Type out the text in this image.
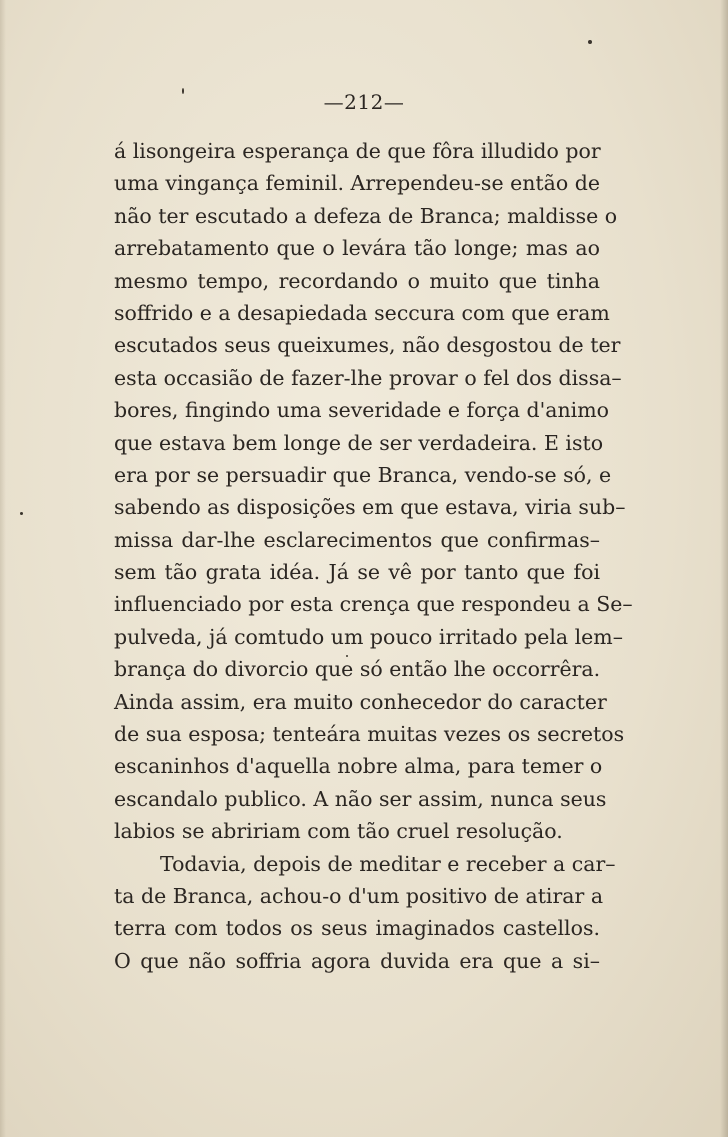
—212—
á lisongeira esperança de que fôra illudido por
uma vingança feminil. Arrependeu-se então de
não ter escutado a defeza de Branca; maldisse o
arrebatamento que o levára tão longe; mas ao
mesmo tempo, recordando o muito que tinha
soffrido e a desapiedada seccura com que eram
escutados seus queixumes, não desgostou de ter
esta occasião de fazer-lhe provar o fel dos dissa–
bores, fingindo uma severidade e força d'animo
que estava bem longe de ser verdadeira. E isto
era por se persuadir que Branca, vendo-se só, e
sabendo as disposições em que estava, viria sub–
missa dar-lhe esclarecimentos que confirmas–
sem tão grata idéa. Já se vê por tanto que foi
influenciado por esta crença que respondeu a Se–
pulveda, já comtudo um pouco irritado pela lem–
brança do divorcio que só então lhe occorrêra.
Ainda assim, era muito conhecedor do caracter
de sua esposa; tenteára muitas vezes os secretos
escaninhos d'aquella nobre alma, para temer o
escandalo publico. A não ser assim, nunca seus
labios se abririam com tão cruel resolução.
Todavia, depois de meditar e receber a car–
ta de Branca, achou-o d'um positivo de atirar a
terra com todos os seus imaginados castellos.
O que não soffria agora duvida era que a si–
